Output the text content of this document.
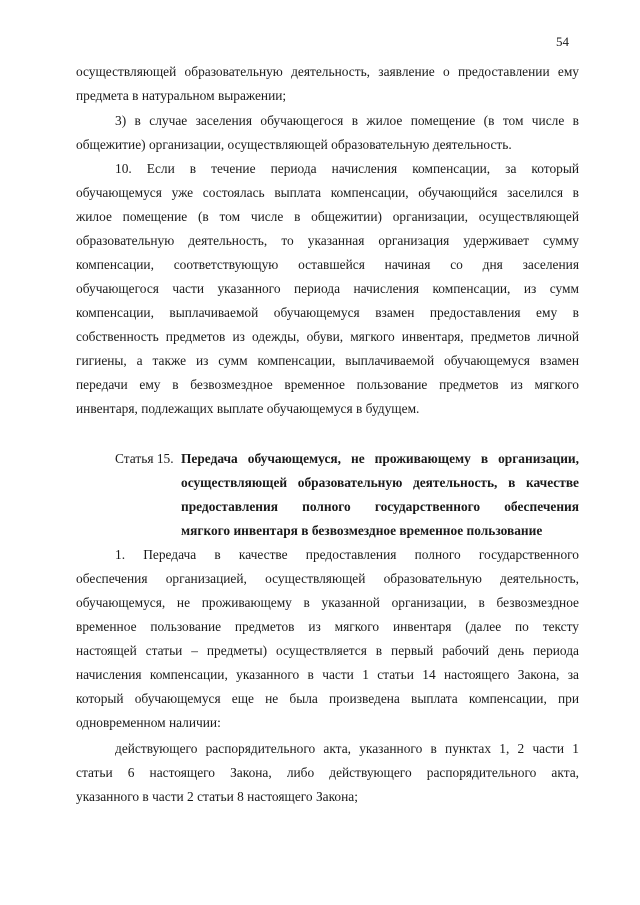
54
осуществляющей образовательную деятельность, заявление о предоставлении ему
предмета в натуральном выражении;
3) в случае заселения обучающегося в жилое помещение (в том числе в
общежитие) организации, осуществляющей образовательную деятельность.
10. Если в течение периода начисления компенсации, за который
обучающемуся уже состоялась выплата компенсации, обучающийся заселился в
жилое помещение (в том числе в общежитии) организации, осуществляющей
образовательную деятельность, то указанная организация удерживает сумму
компенсации, соответствующую оставшейся начиная со дня заселения
обучающегося части указанного периода начисления компенсации, из сумм
компенсации, выплачиваемой обучающемуся взамен предоставления ему в
собственность предметов из одежды, обуви, мягкого инвентаря, предметов личной
гигиены, а также из сумм компенсации, выплачиваемой обучающемуся взамен
передачи ему в безвозмездное временное пользование предметов из мягкого
инвентаря, подлежащих выплате обучающемуся в будущем.
Статья 15. Передача обучающемуся, не проживающему в организации,
осуществляющей образовательную деятельность, в качестве
предоставления полного государственного обеспечения
мягкого инвентаря в безвозмездное временное пользование
1. Передача в качестве предоставления полного государственного
обеспечения организацией, осуществляющей образовательную деятельность,
обучающемуся, не проживающему в указанной организации, в безвозмездное
временное пользование предметов из мягкого инвентаря (далее по тексту
настоящей статьи – предметы) осуществляется в первый рабочий день периода
начисления компенсации, указанного в части 1 статьи 14 настоящего Закона, за
который обучающемуся еще не была произведена выплата компенсации, при
одновременном наличии:
действующего распорядительного акта, указанного в пунктах 1, 2 части 1
статьи 6 настоящего Закона, либо действующего распорядительного акта,
указанного в части 2 статьи 8 настоящего Закона;
